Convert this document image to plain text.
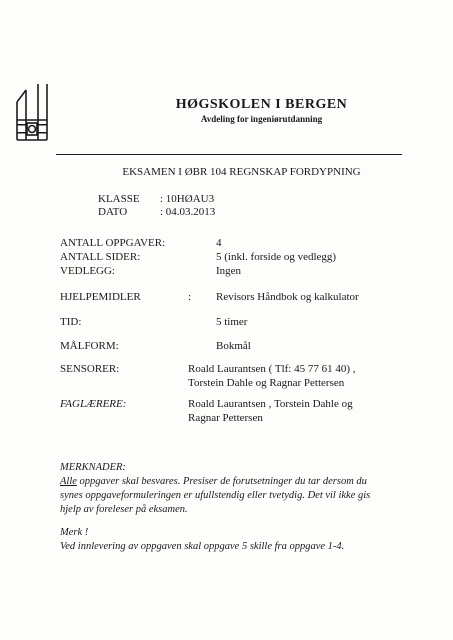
HØGSKOLEN I BERGEN
Avdeling for ingeniørutdanning
EKSAMEN I ØBR 104 REGNSKAP FORDYPNING
KLASSE : 10HØAU3
DATO	: 04.03.2013
ANTALL OPPGAVER:	4
ANTALL SIDER:	5 (inkl. forside og vedlegg)
VEDLEGG:	Ingen
HJELPEMIDLER	: Revisors Håndbok og kalkulator
TID:	5 timer
MÅLFORM:	Bokmål
SENSORER:	Roald Laurantsen ( Tlf: 45 77 61 40) ,
Torstein Dahle og Ragnar Pettersen
FAGLÆRERE:	Roald Laurantsen , Torstein Dahle og
Ragnar Pettersen

MERKNADER:

Alle oppgaver skal besvares. Presiser de forutsetninger du tar dersom du

synes oppgaveformuleringen er ufullstendig eller tvetydig. Det vil ikke gis

hjelp av foreleser på eksamen.

Merk !

Ved innlevering av oppgaven skal oppgave 5 skille fra oppgave 1-4.
